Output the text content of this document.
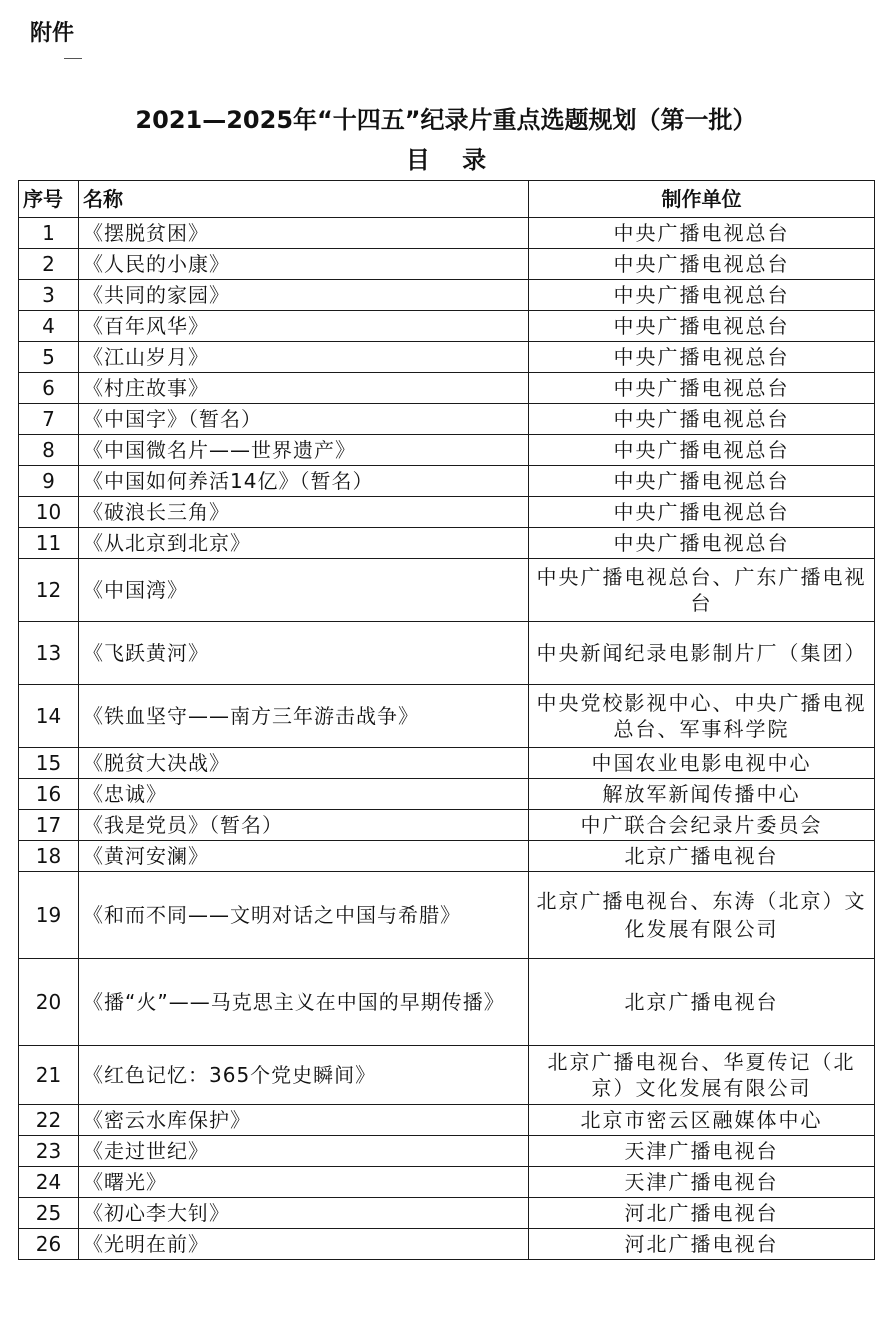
附件
2021—2025年“十四五”纪录片重点选题规划（第一批）
目 录
序号	名称	制作单位
1	《摆脱贫困》	中央广播电视总台
2	《人民的小康》	中央广播电视总台
3	《共同的家园》	中央广播电视总台
4	《百年风华》	中央广播电视总台
5	《江山岁月》	中央广播电视总台
6	《村庄故事》	中央广播电视总台
7	《中国字》（暂名）	中央广播电视总台
8	《中国微名片——世界遗产》	中央广播电视总台
9	《中国如何养活14亿》（暂名）	中央广播电视总台
10	《破浪长三角》	中央广播电视总台
11	《从北京到北京》	中央广播电视总台
12	《中国湾》	中央广播电视总台、广东广播电视台
13	《飞跃黄河》	中央新闻纪录电影制片厂（集团）
14	《铁血坚守——南方三年游击战争》	中央党校影视中心、中央广播电视总台、军事科学院
15	《脱贫大决战》	中国农业电影电视中心
16	《忠诚》	解放军新闻传播中心
17	《我是党员》（暂名）	中广联合会纪录片委员会
18	《黄河安澜》	北京广播电视台
19	《和而不同——文明对话之中国与希腊》	北京广播电视台、东涛（北京）文化发展有限公司
20	《播“火”——马克思主义在中国的早期传播》	北京广播电视台
21	《红色记忆：365个党史瞬间》	北京广播电视台、华夏传记（北京）文化发展有限公司
22	《密云水库保护》	北京市密云区融媒体中心
23	《走过世纪》	天津广播电视台
24	《曙光》	天津广播电视台
25	《初心李大钊》	河北广播电视台
26	《光明在前》	河北广播电视台
